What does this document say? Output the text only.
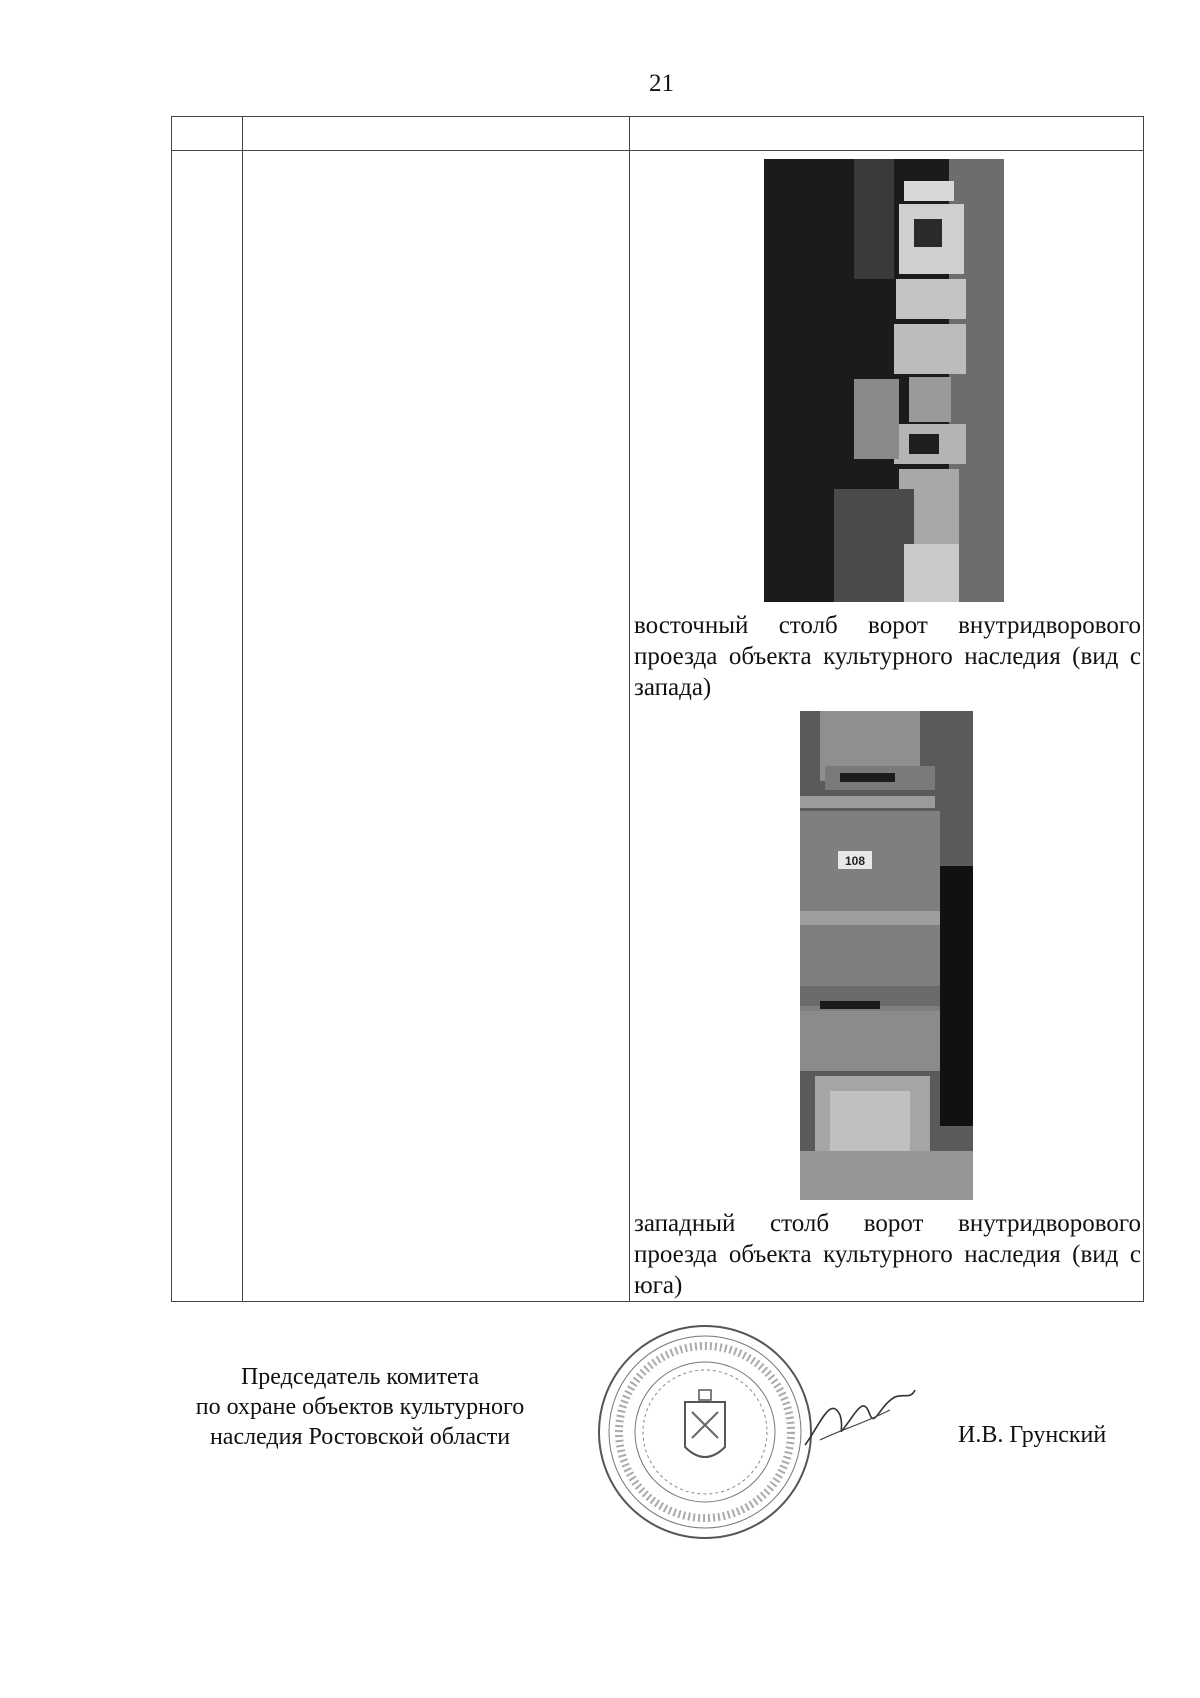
21

		восточный столб ворот внутридворового проезда объекта культурного наследия (вид с запада)
108
западный столб ворот внутридворового проезда объекта культурного наследия (вид с юга)
Председатель комитета
по охране объектов культурного
наследия Ростовской области	И.В. Грунский
